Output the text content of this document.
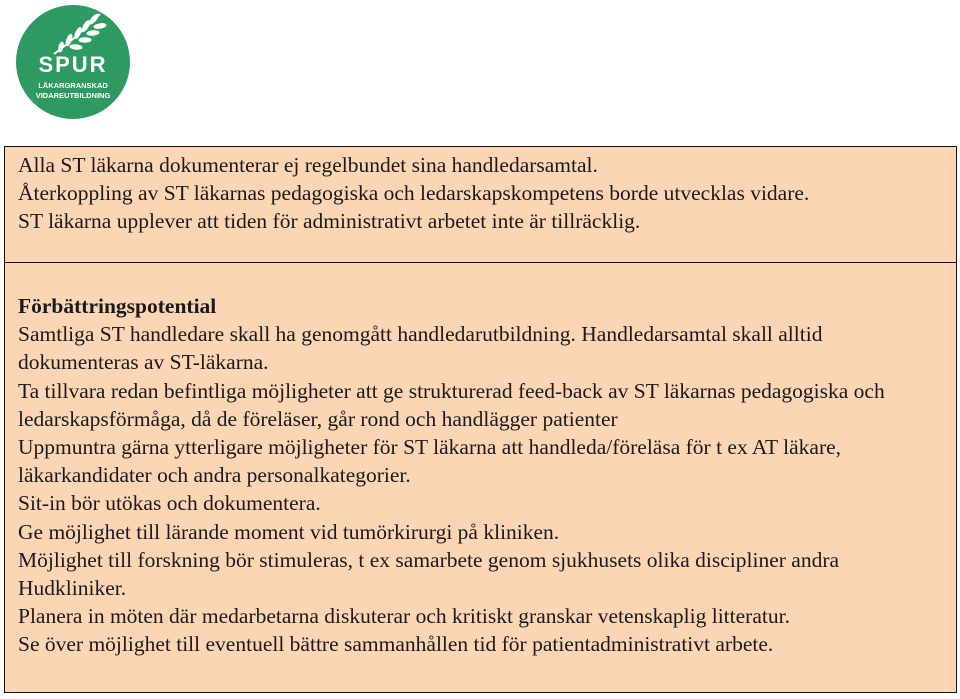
SPUR
LÄKARGRANSKAD
VIDAREUTBILDNING
Alla ST läkarna dokumenterar ej regelbundet sina handledarsamtal.
Återkoppling av ST läkarnas pedagogiska och ledarskapskompetens borde utvecklas vidare.
ST läkarna upplever att tiden för administrativt arbetet inte är tillräcklig.
Förbättringspotential
Samtliga ST handledare skall ha genomgått handledarutbildning. Handledarsamtal skall alltid dokumenteras av ST-läkarna.
Ta tillvara redan befintliga möjligheter att ge strukturerad feed-back av ST läkarnas pedagogiska och ledarskapsförmåga, då de föreläser, går rond och handlägger patienter
Uppmuntra gärna ytterligare möjligheter för ST läkarna att handleda/föreläsa för t ex AT läkare, läkarkandidater och andra personalkategorier.
Sit-in bör utökas och dokumentera.
Ge möjlighet till lärande moment vid tumörkirurgi på kliniken.
Möjlighet till forskning bör stimuleras, t ex samarbete genom sjukhusets olika discipliner andra Hudkliniker.
Planera in möten där medarbetarna diskuterar och kritiskt granskar vetenskaplig litteratur.
Se över möjlighet till eventuell bättre sammanhållen tid för patientadministrativt arbete.
